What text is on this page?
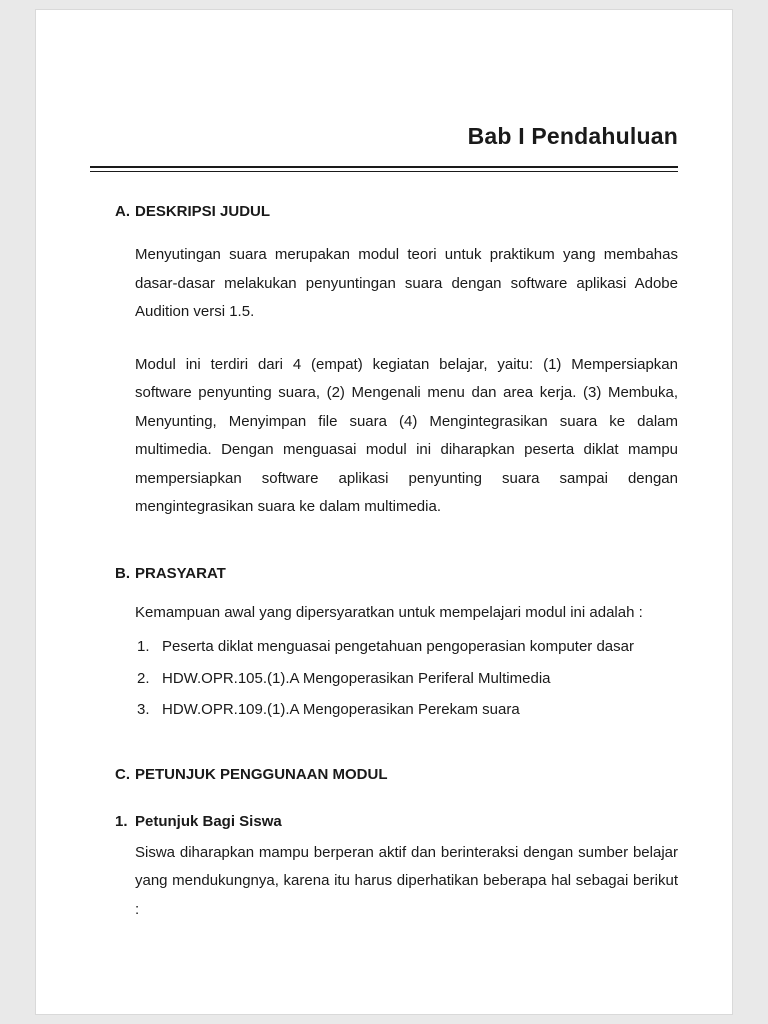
Bab I Pendahuluan
A. DESKRIPSI JUDUL

Menyutingan suara merupakan modul teori untuk praktikum yang membahas dasar-dasar melakukan penyuntingan suara dengan software aplikasi Adobe Audition versi 1.5.

Modul ini terdiri dari 4 (empat) kegiatan belajar, yaitu: (1) Mempersiapkan software penyunting suara, (2) Mengenali menu dan area kerja. (3) Membuka, Menyunting, Menyimpan file suara (4) Mengintegrasikan suara ke dalam multimedia. Dengan menguasai modul ini diharapkan peserta diklat mampu mempersiapkan software aplikasi penyunting suara sampai dengan mengintegrasikan suara ke dalam multimedia.

B. PRASYARAT

Kemampuan awal yang dipersyaratkan untuk mempelajari modul ini adalah :

1. Peserta diklat menguasai pengetahuan pengoperasian komputer dasar
2. HDW.OPR.105.(1).A Mengoperasikan Periferal Multimedia
3. HDW.OPR.109.(1).A Mengoperasikan Perekam suara
C. PETUNJUK PENGGUNAAN MODUL
1. Petunjuk Bagi Siswa

Siswa diharapkan mampu berperan aktif dan berinteraksi dengan sumber belajar yang mendukungnya, karena itu harus diperhatikan beberapa hal sebagai berikut :
